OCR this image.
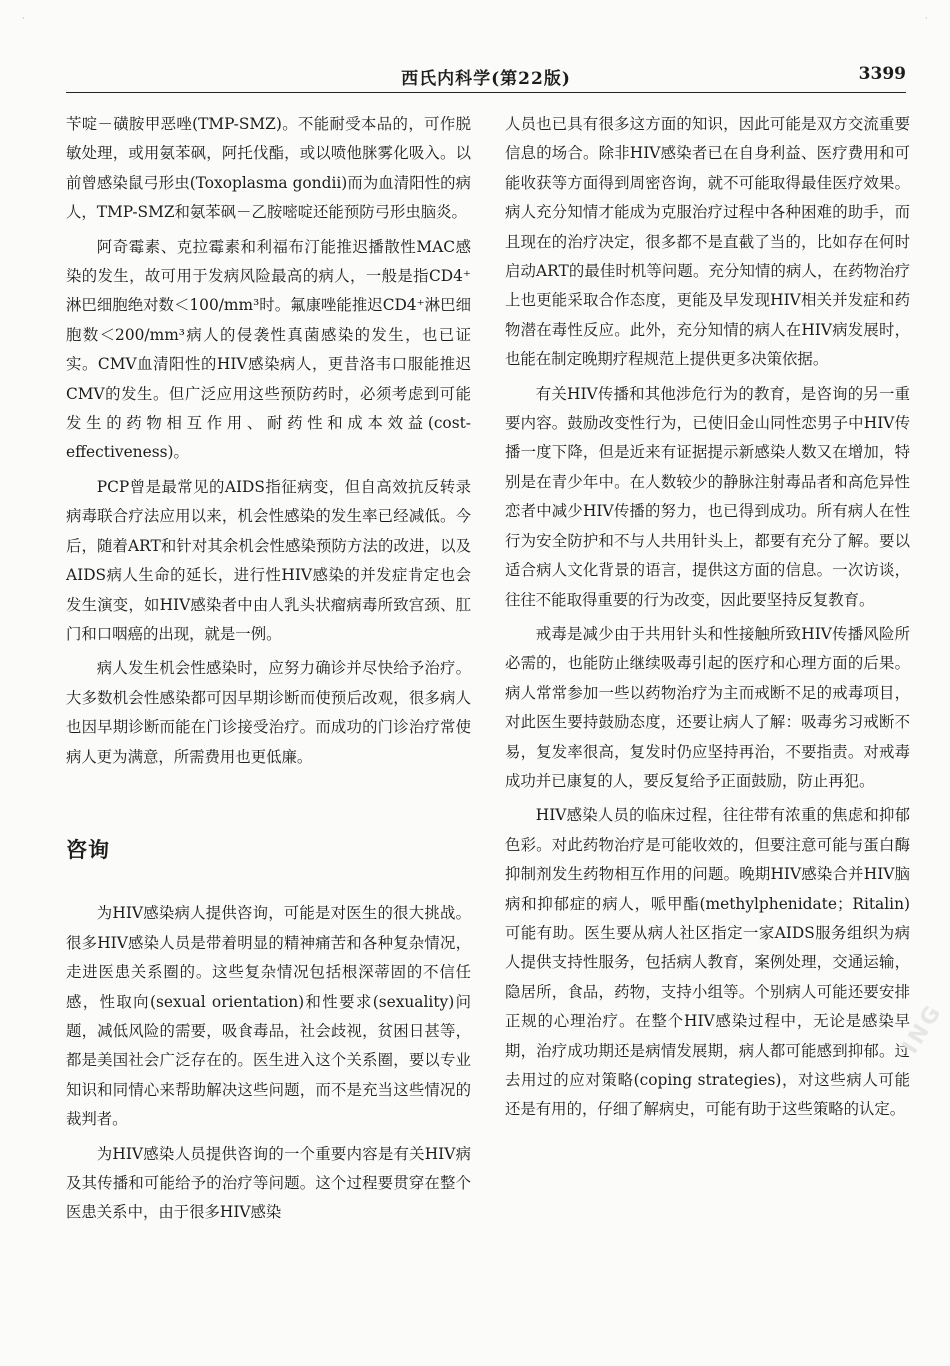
西氏内科学(第22版)	3399

苄啶－磺胺甲恶唑(TMP-SMZ)。不能耐受本品的，可作脱敏处理，或用氨苯砜，阿托伐酯，或以喷他脒雾化吸入。以前曾感染鼠弓形虫(Toxoplasma gondii)而为血清阳性的病人，TMP-SMZ和氨苯砜－乙胺嘧啶还能预防弓形虫脑炎。

阿奇霉素、克拉霉素和利福布汀能推迟播散性MAC感染的发生，故可用于发病风险最高的病人，一般是指CD4⁺淋巴细胞绝对数＜100/mm³时。氟康唑能推迟CD4⁺淋巴细胞数＜200/mm³病人的侵袭性真菌感染的发生，也已证实。CMV血清阳性的HIV感染病人，更昔洛韦口服能推迟CMV的发生。但广泛应用这些预防药时，必须考虑到可能发生的药物相互作用、耐药性和成本效益(cost-effectiveness)。

PCP曾是最常见的AIDS指征病变，但自高效抗反转录病毒联合疗法应用以来，机会性感染的发生率已经减低。今后，随着ART和针对其余机会性感染预防方法的改进，以及AIDS病人生命的延长，进行性HIV感染的并发症肯定也会发生演变，如HIV感染者中由人乳头状瘤病毒所致宫颈、肛门和口咽癌的出现，就是一例。

病人发生机会性感染时，应努力确诊并尽快给予治疗。大多数机会性感染都可因早期诊断而使预后改观，很多病人也因早期诊断而能在门诊接受治疗。而成功的门诊治疗常使病人更为满意，所需费用也更低廉。

咨询

为HIV感染病人提供咨询，可能是对医生的很大挑战。很多HIV感染人员是带着明显的精神痛苦和各种复杂情况，走进医患关系圈的。这些复杂情况包括根深蒂固的不信任感，性取向(sexual orientation)和性要求(sexuality)问题，减低风险的需要，吸食毒品，社会歧视，贫困日甚等，都是美国社会广泛存在的。医生进入这个关系圈，要以专业知识和同情心来帮助解决这些问题，而不是充当这些情况的裁判者。

为HIV感染人员提供咨询的一个重要内容是有关HIV病及其传播和可能给予的治疗等问题。这个过程要贯穿在整个医患关系中，由于很多HIV感染

人员也已具有很多这方面的知识，因此可能是双方交流重要信息的场合。除非HIV感染者已在自身利益、医疗费用和可能收获等方面得到周密咨询，就不可能取得最佳医疗效果。病人充分知情才能成为克服治疗过程中各种困难的助手，而且现在的治疗决定，很多都不是直截了当的，比如存在何时启动ART的最佳时机等问题。充分知情的病人，在药物治疗上也更能采取合作态度，更能及早发现HIV相关并发症和药物潜在毒性反应。此外，充分知情的病人在HIV病发展时，也能在制定晚期疗程规范上提供更多决策依据。

有关HIV传播和其他涉危行为的教育，是咨询的另一重要内容。鼓励改变性行为，已使旧金山同性恋男子中HIV传播一度下降，但是近来有证据提示新感染人数又在增加，特别是在青少年中。在人数较少的静脉注射毒品者和高危异性恋者中减少HIV传播的努力，也已得到成功。所有病人在性行为安全防护和不与人共用针头上，都要有充分了解。要以适合病人文化背景的语言，提供这方面的信息。一次访谈，往往不能取得重要的行为改变，因此要坚持反复教育。

戒毒是减少由于共用针头和性接触所致HIV传播风险所必需的，也能防止继续吸毒引起的医疗和心理方面的后果。病人常常参加一些以药物治疗为主而戒断不足的戒毒项目，对此医生要持鼓励态度，还要让病人了解：吸毒劣习戒断不易，复发率很高，复发时仍应坚持再治，不要指责。对戒毒成功并已康复的人，要反复给予正面鼓励，防止再犯。

HIV感染人员的临床过程，往往带有浓重的焦虑和抑郁色彩。对此药物治疗是可能收效的，但要注意可能与蛋白酶抑制剂发生药物相互作用的问题。晚期HIV感染合并HIV脑病和抑郁症的病人，哌甲酯(methylphenidate；Ritalin)可能有助。医生要从病人社区指定一家AIDS服务组织为病人提供支持性服务，包括病人教育，案例处理，交通运输，隐居所，食品，药物，支持小组等。个别病人可能还要安排正规的心理治疗。在整个HIV感染过程中，无论是感染早期，治疗成功期还是病情发展期，病人都可能感到抑郁。过去用过的应对策略(coping strategies)，对这些病人可能还是有用的，仔细了解病史，可能有助于这些策略的认定。

ING
·	·
